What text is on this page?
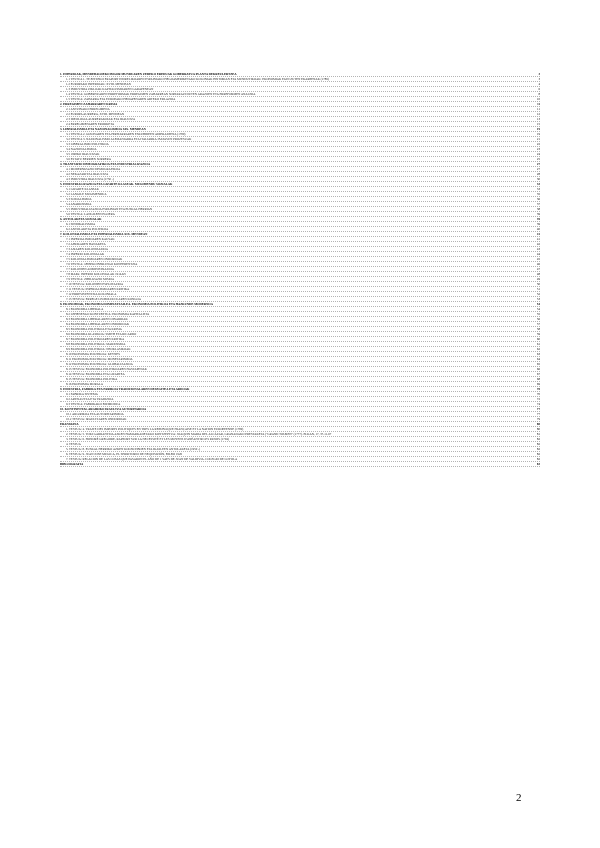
1. INPERIOAK, MENDEBALDEKO BIGOR MUNDUAREN ZEDEKO EREDUAK GOBERRATUA PLANTA DEKREULERTZEA	3
1.1 TESTUA 1. TE 80TZEKO ERAPORT INDRELIKOAREN ESPAINIAKO HEGOAMERIKETAKO KOLONIAK HISTORIAN ETA MUNDUTIKOAK: EKONOMIAK EGIN ZUTEN EKARPENAK (1789)	3
1.2 EUROPAKO INPERIOAK: XVIII. MENDEAN	4
1.3 INDUSTRIA ZIKLOAK KAPITALISMOAREN GARAPENEAN	6
1.4 TESTUA: GOBERNUAREN ERREFORMAK ERREGIMEN ZAHARREAN SORTARAZI DUTEN ARAZOEN ETA ERREFORMEN ANALISIA	8
1.5 TESTUA: ZAHARRA ETA EUROPAKO HEDAPENAREN ARTEKO ERLAZIOA	10
2. ERREGIMEN ZAHARRAREN KRISIA	11
2.1 ANTZINAKO ERREGIMENA	11
2.2 EUROPA AURRERA, XVIII. MENDEAN	12
2.3 IDEOLOGIA AURRERAKOIAK ETA IRAULTZA	13
2.4 ERREGIMENAREN ERORKETA	15
3. LIBERALISMOA ETA NAZIONALISMOA XIX. MENDEAN	19
3.1 TESTUA 2. GIZONAREN ETA HIRITARRAREN ESKUBIDEEN ADIERAZPENA (1789)	19
3.2 TESTUA 3. NAZIONALISMO ALEMANIARRA ETA ITALIARRA: BATASUN PROZESUAK	21
3.3 LIBERALISMO POLITIKOA	22
3.4 NAZIONALISMOA	23
3.5 1848KO IRAULTZAK	24
3.6 ESTATU BERRIEN SORRERA	25
4. TRANTSIZIO DEMOGRAFIKOA ETA INDUSTRIALIZAZIOA	27
4.1 MODERNIZAZIO DEMOGRAFIKOA	27
4.2 NEKAZARITZA IRAULTZA	28
4.3 INDUSTRIA IRAULTZA (1750 -)	30
5. INDUSTRIALIZAZIOA ETA GIZARTE KLASEAK. MUGIMENDU SOZIALAK	33
5.1 GIZARTE KLASEAK	33
5.2 LANGILE MUGIMENDUA	35
5.3 SOZIALISMOA	36
5.4 ANARKISMOA	37
5.5 INDUSTRIALIZAZIOA ESPAINIAN ETA EUSKAL HERRIAN	38
5.6 TESTUA: LANGILEEN EGOERA	39
6. ANTOLAKETA SOZIALAK	39
6.1 SINDIKALISMOA	39
6.2 ANTOLAKETA POLITIKOA	40
7. KOLONIALISMOA ETA INPERIALISMOA XIX. MENDEAN	41
7.1 INPERIALISMOAREN KAUSAK	41
7.2 AFRIKAREN BANAKETA	42
7.3 ASIAREN KOLONIZAZIOA	43
7.4 INPERIO KOLONIALAK	44
7.5 KOLONIALISMOAREN ONDORIOAK	45
7.6 TESTUA: 1885EKO BERLINGO KONFERENTZIA	46
7.7 KOLONIEN ADMINISTRAZIOA	47
7.8 MAPA: INPERIO KOLONIALAK 1914AN	48
7.9 TESTUA: ZIBILIZAZIO MISIOA	49
7.10 TESTUA: KOLONIEN ESPLOTAZIOA	50
7.11 TESTUA: INPERIALISMOAREN KRITIKA	51
7.12 ERRESISTENTZIA KOLONIALA	52
7.13 TESTUA: ERREGE LEOPOLDO II.AREN KONGOA	53
8. EKONOMIAK, EKONOMIA DOMINATZAILEA. EKONOMIA POLITIKOA ETA HAZKUNDE MODERNOA	54
8.1 EKONOMIA LIBERALA	54
8.2 LEHENENGO KONTZEPTUA: EKONOMIA KAPITALISTA	55
8.3 EKONOMIA LIBERALAREN OINARRIAK	56
8.4 EKONOMIA LIBERALAREN ONDORIOAK	57
8.5 EKONOMIA POLITIKOA ETA KRISIA	58
8.6 EKONOMIA KLASIKOA: SMITH ETA RICARDO	59
8.7 EKONOMIA POLITIKOAREN KRITIKA	60
8.8 EKONOMIA POLITIKOA: MARXISMOA	61
8.9 EKONOMIA POLITIKOA: NEOKLASIKOAK	62
8.10 EKONOMIA POLITIKOA: KEYNES	63
8.11 EKONOMIA POLITIKOA: MONETARISMOA	64
8.12 EKONOMIA POLITIKOA: GLOBALIZAZIOA	65
8.13 TESTUA: EKONOMIA POLITIKOAREN HASTAPENAK	66
8.14 TESTUA: EKONOMIA ETA GIZARTEA	67
8.15 TESTUA: EKONOMIA POLITIKA	68
8.16 EKONOMIA MORALA	69
9. INDUSTRIA, FABRIKA ETA ERRIKOA TRADIZIONALAREN DESEGITEA ETA ARDOAK	70
9.1 FABRIKA SISTEMA	70
9.2 ARTISAUTZA ETA TRADIZIOA	72
9.3 TESTUA: FABRIKAKO BIZIMODUA	74
10. KONTINENTAL ARGIRIKO IRAULTZA AUTORITARIOA	77
10.1 ARGIRIKOA ETA AUTORITARISMOA	77
10.2 TESTUA: IRAULTZAREN ONDORIOAK	79
ERANSKINA	80
1. TESTUA: 4. TRAITE DES IMPORTS POLITIQUES EN TRES LA REPUBLIQUE FRANÇAISE ET LA NATION EUROPEENNE (1789)	80
2. TESTUA: 5. TOKI GARRANTZIA AZKEN HAMARKADETAKO KONTZEPTUA: JOAQUIN MARIA DEL ALCÁZAR, GRANADAKO PRESTAKETA ("GRAND TOUREN" (1777). ELKAN, 17, 37-11-67	81
3. TESTUA: 6. HONORÉ GREGOIRE, RAPPORT SUR LA NECESSITÉ ET LES MOYENS D'ANÉANTIR LES PATOIS (1794)	82
4. TESTUA	82
5. TESTUA: 8. EUSKAL HERRIKO AZKEN KOLEKTIBOEN ETA IKASLEEN ANTOLAKETA (1950 -)	82
6. TESTUA: 9. JUAN JOSE MUGICA, EL SERRITORIO DE NEQUISIZIÓN, BILBO 1926	82
7. TESTUA: RELACION DE LAS COSAS QUE PASARON EL AÑO DE 1 SAES DE JUAN DE VALDIVIA. COLEGIO DE LOYOLA	82
BIBLIOGRAFIA	83
2
